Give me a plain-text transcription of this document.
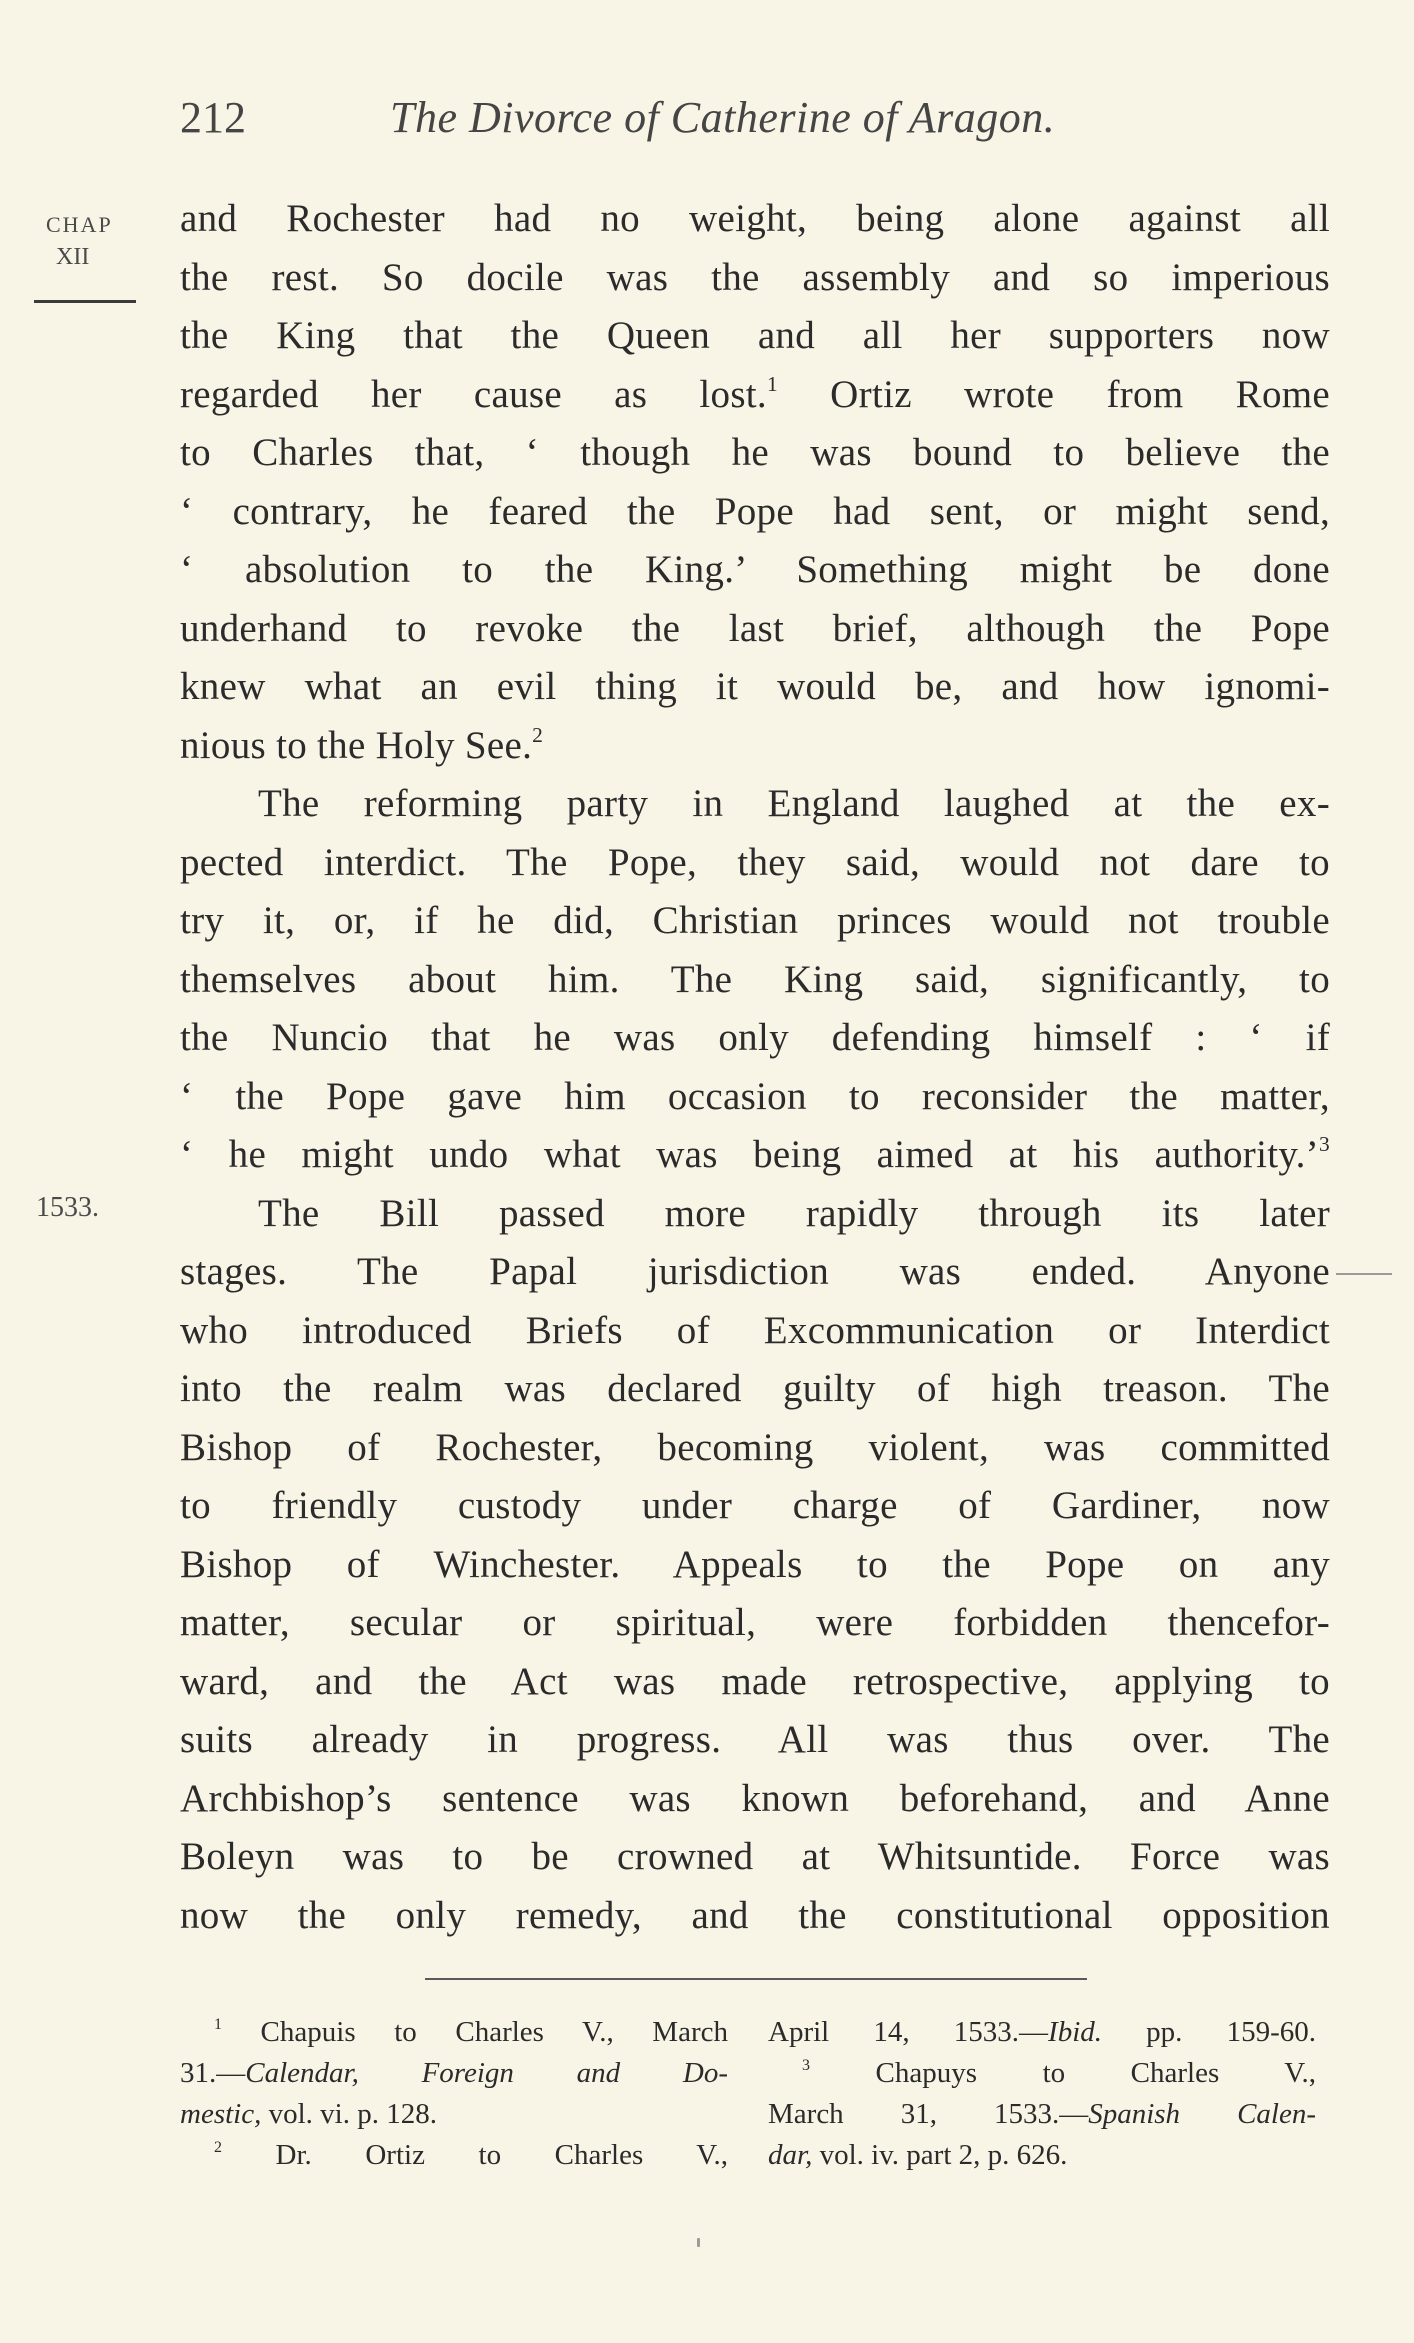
212	The Divorce of Catherine of Aragon.
CHAP
XII
1533.
and Rochester had no weight, being alone against all
the rest. So docile was the assembly and so imperious
the King that the Queen and all her supporters now
regarded her cause as lost.$^1$ Ortiz wrote from Rome
to Charles that, ‘ though he was bound to believe the
‘ contrary, he feared the Pope had sent, or might send,
‘ absolution to the King.’ Something might be done
underhand to revoke the last brief, although the Pope
knew what an evil thing it would be, and how ignomi-
nious to the Holy See.$^2$
The reforming party in England laughed at the ex-
pected interdict. The Pope, they said, would not dare to
try it, or, if he did, Christian princes would not trouble
themselves about him. The King said, significantly, to
the Nuncio that he was only defending himself : ‘ if
‘ the Pope gave him occasion to reconsider the matter,
‘ he might undo what was being aimed at his authority.’$^3$
The Bill passed more rapidly through its later
stages. The Papal jurisdiction was ended. Anyone
who introduced Briefs of Excommunication or Interdict
into the realm was declared guilty of high treason. The
Bishop of Rochester, becoming violent, was committed
to friendly custody under charge of Gardiner, now
Bishop of Winchester. Appeals to the Pope on any
matter, secular or spiritual, were forbidden thencefor-
ward, and the Act was made retrospective, applying to
suits already in progress. All was thus over. The
Archbishop’s sentence was known beforehand, and Anne
Boleyn was to be crowned at Whitsuntide. Force was
now the only remedy, and the constitutional opposition
$^1$ Chapuis to Charles V., March
31.—Calendar, Foreign and Do-
mestic, vol. vi. p. 128.
$^2$ Dr. Ortiz to Charles V.,
April 14, 1533.—Ibid. pp. 159-60.
$^3$ Chapuys to Charles V.,
March 31, 1533.—Spanish Calen-
dar, vol. iv. part 2, p. 626.
